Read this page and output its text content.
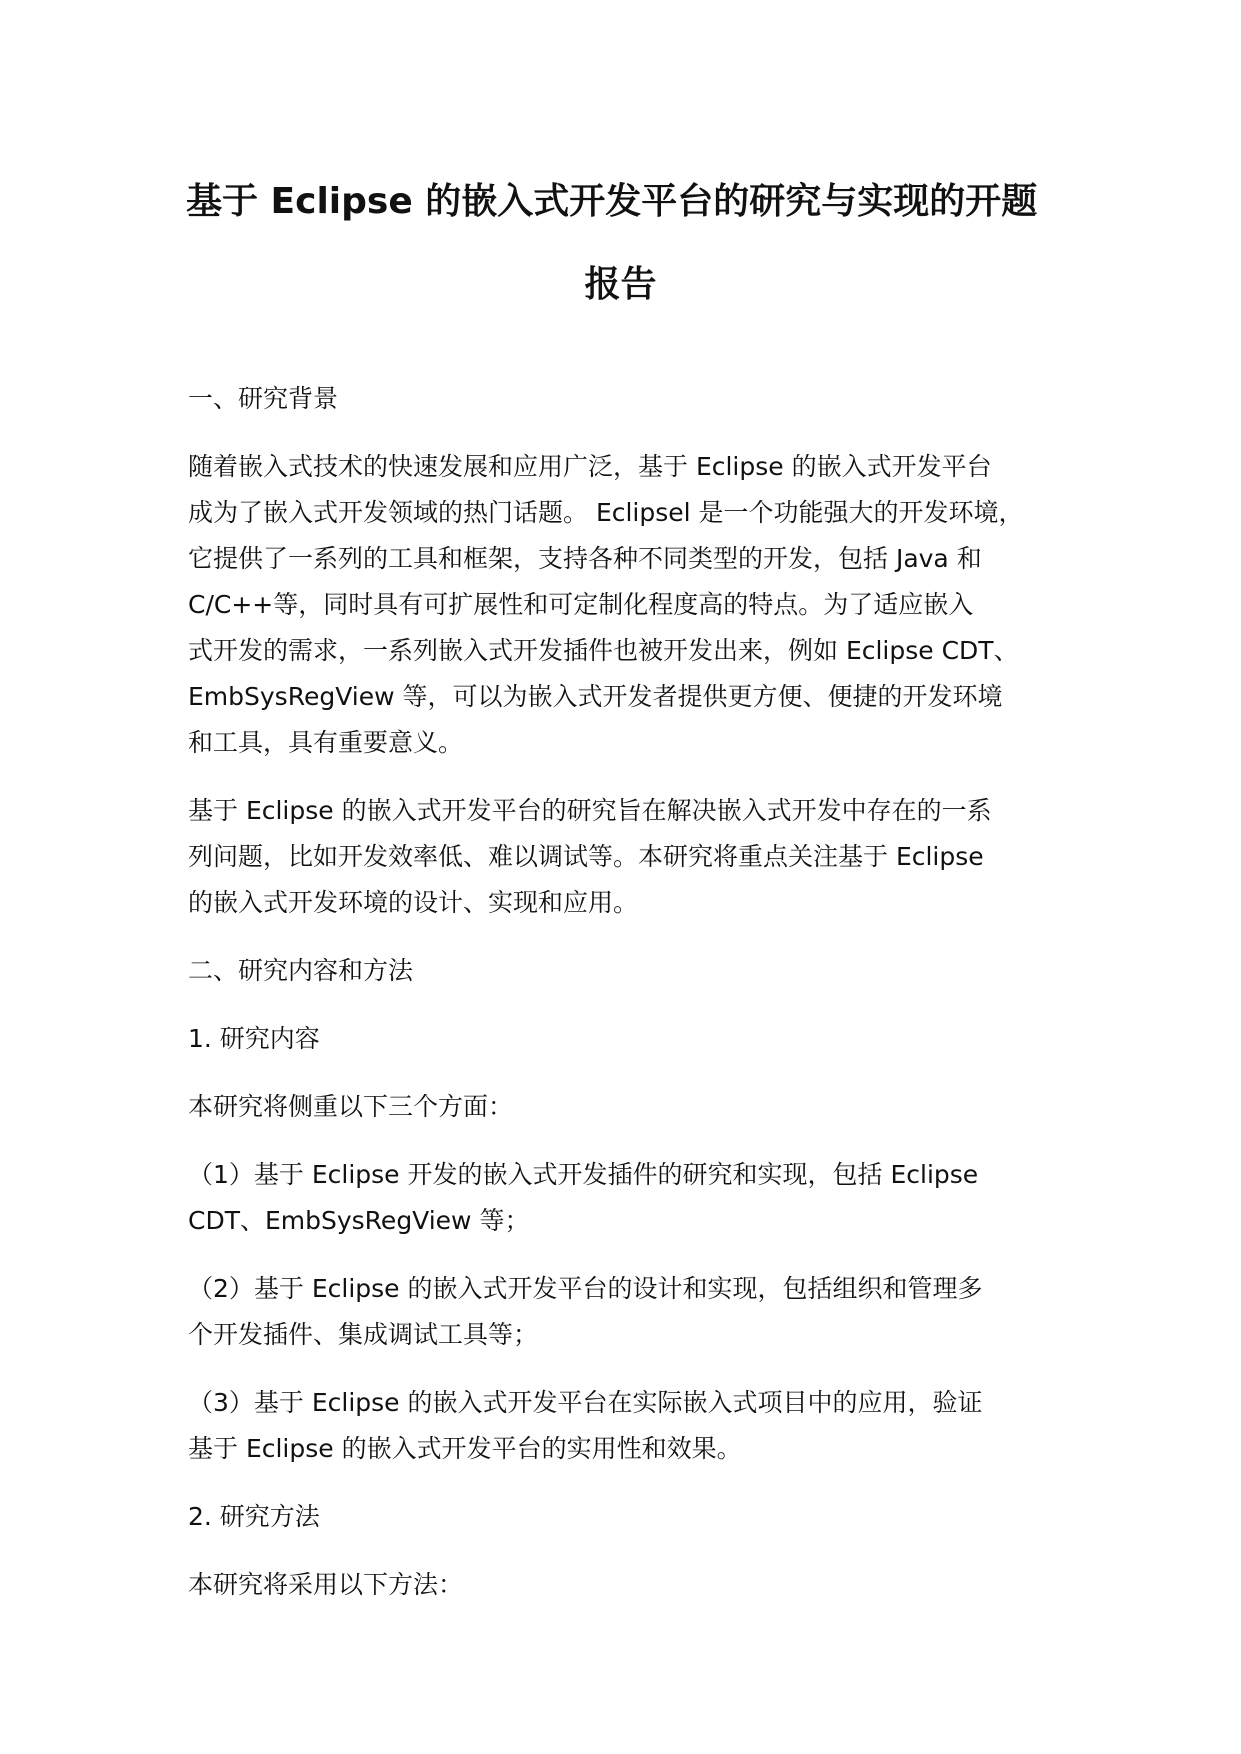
基于 Eclipse 的嵌入式开发平台的研究与实现的开题
报告

一、研究背景

随着嵌入式技术的快速发展和应用广泛，基于 Eclipse 的嵌入式开发平台
成为了嵌入式开发领域的热门话题。 Eclipsel 是一个功能强大的开发环境，
它提供了一系列的工具和框架，支持各种不同类型的开发，包括 Java 和
C/C++等，同时具有可扩展性和可定制化程度高的特点。为了适应嵌入
式开发的需求，一系列嵌入式开发插件也被开发出来，例如 Eclipse CDT、
EmbSysRegView 等，可以为嵌入式开发者提供更方便、便捷的开发环境
和工具，具有重要意义。

基于 Eclipse 的嵌入式开发平台的研究旨在解决嵌入式开发中存在的一系
列问题，比如开发效率低、难以调试等。本研究将重点关注基于 Eclipse
的嵌入式开发环境的设计、实现和应用。

二、研究内容和方法

1. 研究内容

本研究将侧重以下三个方面：

（1）基于 Eclipse 开发的嵌入式开发插件的研究和实现，包括 Eclipse
CDT、EmbSysRegView 等；

（2）基于 Eclipse 的嵌入式开发平台的设计和实现，包括组织和管理多
个开发插件、集成调试工具等；

（3）基于 Eclipse 的嵌入式开发平台在实际嵌入式项目中的应用，验证
基于 Eclipse 的嵌入式开发平台的实用性和效果。

2. 研究方法

本研究将采用以下方法：
